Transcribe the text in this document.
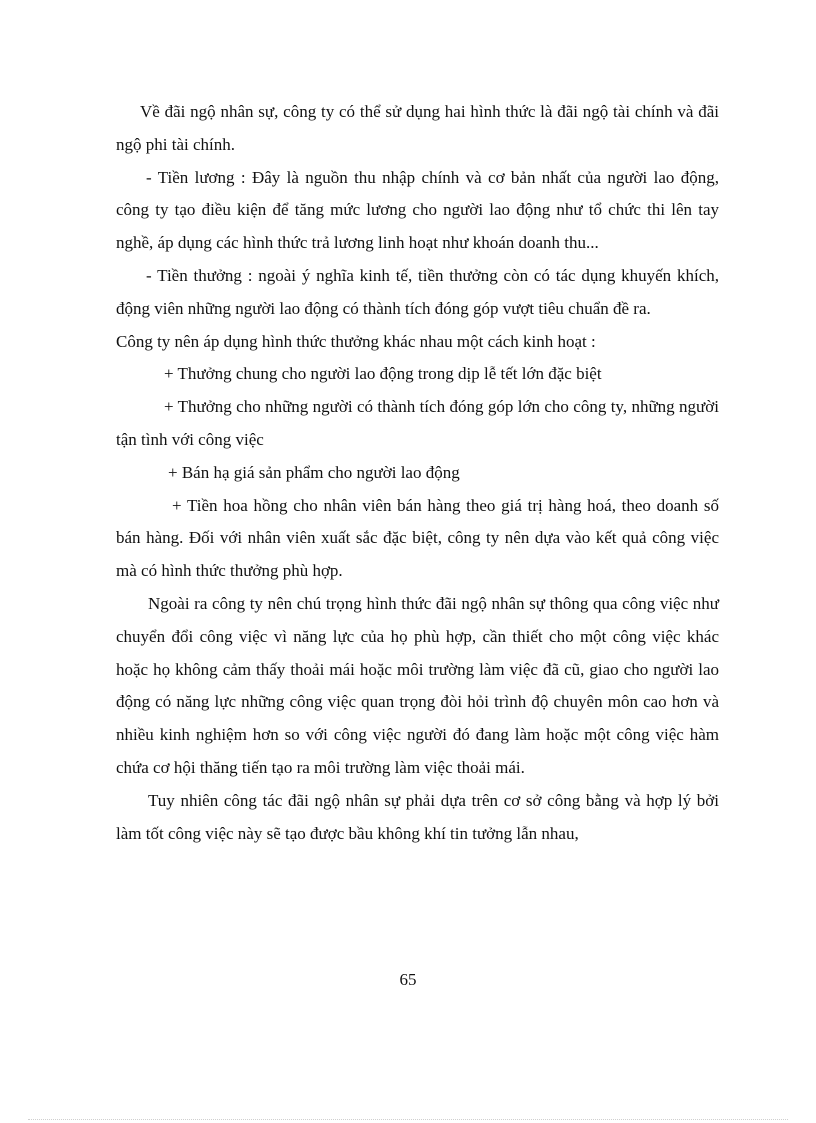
Về đãi ngộ nhân sự, công ty có thể sử dụng hai hình thức là đãi ngộ tài chính và đãi ngộ phi tài chính.

- Tiền lương : Đây là nguồn thu nhập chính và cơ bản nhất của người lao động, công ty tạo điều kiện để tăng mức lương cho người lao động như tổ chức thi lên tay nghề, áp dụng các hình thức trả lương linh hoạt như khoán doanh thu...

- Tiền thưởng : ngoài ý nghĩa kinh tế, tiền thưởng còn có tác dụng khuyến khích, động viên những người lao động có thành tích đóng góp vượt tiêu chuẩn đề ra.

Công ty nên áp dụng hình thức thưởng khác nhau một cách kinh hoạt :

+ Thưởng chung cho người lao động trong dịp lễ tết lớn đặc biệt

+ Thưởng cho những người có thành tích đóng góp lớn cho công ty, những người tận tình với công việc

+ Bán hạ giá sản phẩm cho người lao động

+ Tiền hoa hồng cho nhân viên bán hàng theo giá trị hàng hoá, theo doanh số bán hàng. Đối với nhân viên xuất sắc đặc biệt, công ty nên dựa vào kết quả công việc mà có hình thức thưởng phù hợp.

Ngoài ra công ty nên chú trọng hình thức đãi ngộ nhân sự thông qua công việc như chuyển đổi công việc vì năng lực của họ phù hợp, cần thiết cho một công việc khác hoặc họ không cảm thấy thoải mái hoặc môi trường làm việc đã cũ, giao cho người lao động có năng lực những công việc quan trọng đòi hỏi trình độ chuyên môn cao hơn và nhiều kinh nghiệm hơn so với công việc người đó đang làm hoặc một công việc hàm chứa cơ hội thăng tiến tạo ra môi trường làm việc thoải mái.

Tuy nhiên công tác đãi ngộ nhân sự phải dựa trên cơ sở công bằng và hợp lý bởi làm tốt công việc này sẽ tạo được bầu không khí tin tưởng lẫn nhau,

65
